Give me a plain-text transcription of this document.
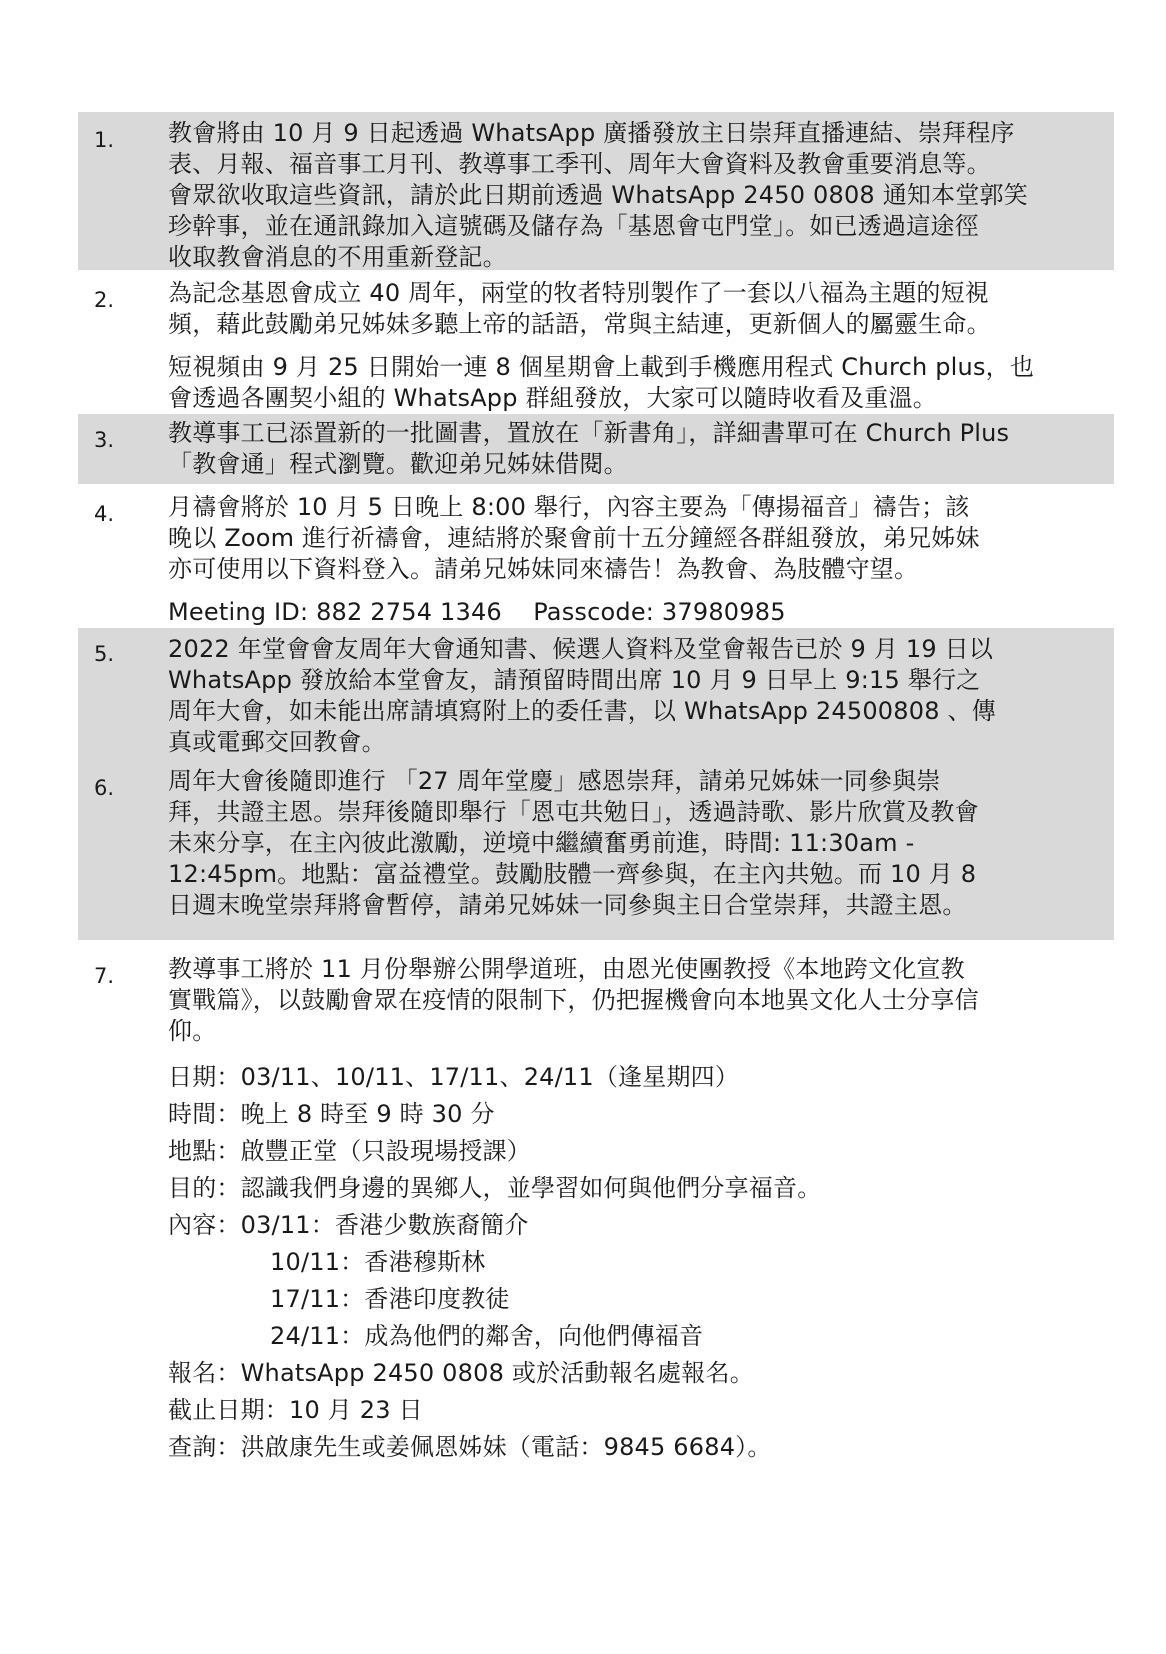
1. 教會將由 10 月 9 日起透過 WhatsApp 廣播發放主日崇拜直播連結、崇拜程序

表、月報、福音事工月刊、教導事工季刊、周年大會資料及教會重要消息等。

會眾欲收取這些資訊，請於此日期前透過 WhatsApp 2450 0808 通知本堂郭笑

珍幹事，並在通訊錄加入這號碼及儲存為「基恩會屯門堂」。如已透過這途徑

收取教會消息的不用重新登記。

2. 為記念基恩會成立 40 周年，兩堂的牧者特別製作了一套以八福為主題的短視

頻，藉此鼓勵弟兄姊妹多聽上帝的話語，常與主結連，更新個人的屬靈生命。

短視頻由 9 月 25 日開始一連 8 個星期會上載到手機應用程式 Church plus，也

會透過各團契小組的 WhatsApp 群組發放，大家可以隨時收看及重溫。

3. 教導事工已添置新的一批圖書，置放在「新書角」，詳細書單可在 Church Plus

「教會通」程式瀏覽。歡迎弟兄姊妹借閱。

4. 月禱會將於 10 月 5 日晚上 8:00 舉行，內容主要為「傳揚福音」禱告；該

晚以 Zoom 進行祈禱會，連結將於聚會前十五分鐘經各群組發放，弟兄姊妹

亦可使用以下資料登入。請弟兄姊妹同來禱告！為教會、為肢體守望。

Meeting ID: 882 2754 1346    Passcode: 37980985

5. 2022 年堂會會友周年大會通知書、候選人資料及堂會報告已於 9 月 19 日以

WhatsApp 發放給本堂會友，請預留時間出席 10 月 9 日早上 9:15 舉行之

周年大會，如未能出席請填寫附上的委任書，以 WhatsApp 24500808 、傳

真或電郵交回教會。

6. 周年大會後隨即進行 「27 周年堂慶」感恩崇拜，請弟兄姊妹一同參與崇

拜，共證主恩。崇拜後隨即舉行「恩屯共勉日」，透過詩歌、影片欣賞及教會

未來分享，在主內彼此激勵，逆境中繼續奮勇前進，時間: 11:30am -

12:45pm。地點：富益禮堂。鼓勵肢體一齊參與，在主內共勉。而 10 月 8

日週末晚堂崇拜將會暫停，請弟兄姊妹一同參與主日合堂崇拜，共證主恩。

7. 教導事工將於 11 月份舉辦公開學道班，由恩光使團教授《本地跨文化宣教

實戰篇》，以鼓勵會眾在疫情的限制下，仍把握機會向本地異文化人士分享信

仰。

日期：03/11、10/11、17/11、24/11（逢星期四）

時間：晚上 8 時至 9 時 30 分

地點：啟豐正堂（只設現場授課）

目的：認識我們身邊的異鄉人，並學習如何與他們分享福音。

內容：03/11：香港少數族裔簡介

10/11：香港穆斯林

17/11：香港印度教徒

24/11：成為他們的鄰舍，向他們傳福音

報名：WhatsApp 2450 0808 或於活動報名處報名。

截止日期：10 月 23 日

查詢：洪啟康先生或姜佩恩姊妹（電話：9845 6684）。
